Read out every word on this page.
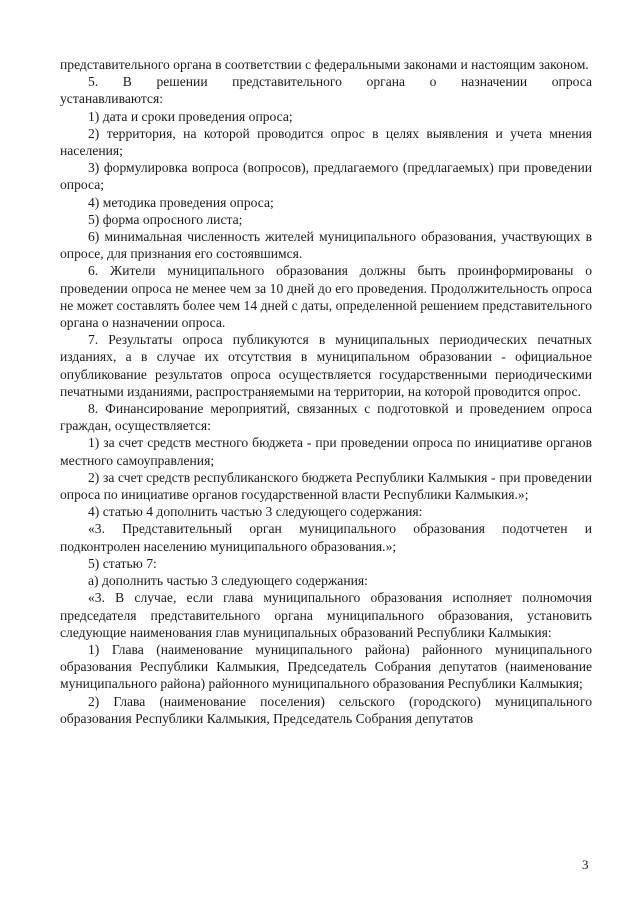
представительного органа в соответствии с федеральными законами и настоящим законом.

5.    В    решении    представительного    органа    о    назначении    опроса устанавливаются:

1) дата и сроки проведения опроса;

2) территория, на которой проводится опрос в целях выявления и учета мнения населения;

3) формулировка вопроса (вопросов), предлагаемого (предлагаемых) при проведении опроса;

4) методика проведения опроса;

5) форма опросного листа;

6) минимальная численность жителей муниципального образования, участвующих в опросе, для признания его состоявшимся.

6. Жители муниципального образования должны быть проинформированы о проведении опроса не менее чем за 10 дней до его проведения. Продолжительность опроса не может составлять более чем 14 дней с даты, определенной решением представительного органа о назначении опроса.

7. Результаты опроса публикуются в муниципальных периодических печатных изданиях, а в случае их отсутствия в муниципальном образовании - официальное опубликование результатов опроса осуществляется государственными периодическими печатными изданиями, распространяемыми на территории, на которой проводится опрос.

8. Финансирование мероприятий, связанных с подготовкой и проведением опроса граждан, осуществляется:

1) за счет средств местного бюджета - при проведении опроса по инициативе органов местного самоуправления;

2) за счет средств республиканского бюджета Республики Калмыкия - при проведении опроса по инициативе органов государственной власти Республики Калмыкия.»;

4) статью 4 дополнить частью 3 следующего содержания:

«3. Представительный орган муниципального образования подотчетен и подконтролен населению муниципального образования.»;

5) статью 7:

а) дополнить частью 3 следующего содержания:

«3. В случае, если глава муниципального образования исполняет полномочия председателя представительного органа муниципального образования, установить следующие наименования глав муниципальных образований Республики Калмыкия:

1) Глава (наименование муниципального района) районного муниципального образования Республики Калмыкия, Председатель Собрания депутатов (наименование муниципального района) районного муниципального образования Республики Калмыкия;

2) Глава (наименование поселения) сельского (городского) муниципального образования Республики Калмыкия, Председатель Собрания депутатов

3
